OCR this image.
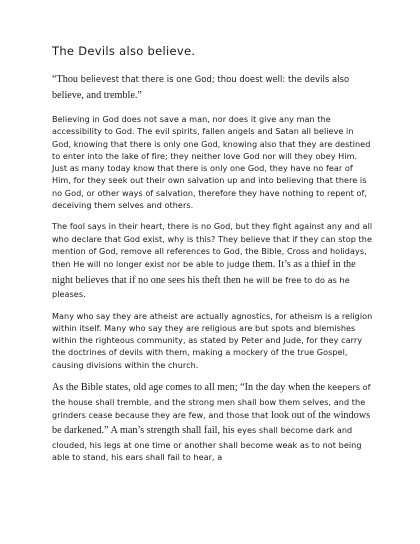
The Devils also believe.

“Thou believest that there is one God; thou doest well: the devils also
believe, and tremble.”

Believing in God does not save a man, nor does it give any man the accessibility to God. The evil spirits, fallen angels and Satan all believe in God, knowing that there is only one God, knowing also that they are destined to enter into the lake of fire; they neither love God nor will they obey Him. Just as many today know that there is only one God, they have no fear of Him, for they seek out their own salvation up and into believing that there is no God, or other ways of salvation, therefore they have nothing to repent of, deceiving them selves and others.

The fool says in their heart, there is no God, but they fight against any and all who declare that God exist, why is this? They believe that if they can stop the mention of God, remove all references to God, the Bible, Cross and holidays, then He will no longer exist nor be able to judge them. It’s as a thief in the night believes that if no one sees his theft then he will be free to do as he pleases.

Many who say they are atheist are actually agnostics, for atheism is a religion within itself. Many who say they are religious are but spots and blemishes within the righteous community, as stated by Peter and Jude, for they carry the doctrines of devils with them, making a mockery of the true Gospel, causing divisions within the church.

As the Bible states, old age comes to all men; “In the day when the keepers of the house shall tremble, and the strong men shall bow them selves, and the grinders cease because they are few, and those that look out of the windows be darkened.” A man’s strength shall fail, his eyes shall become dark and clouded, his legs at one time or another shall become weak as to not being able to stand, his ears shall fail to hear, a
